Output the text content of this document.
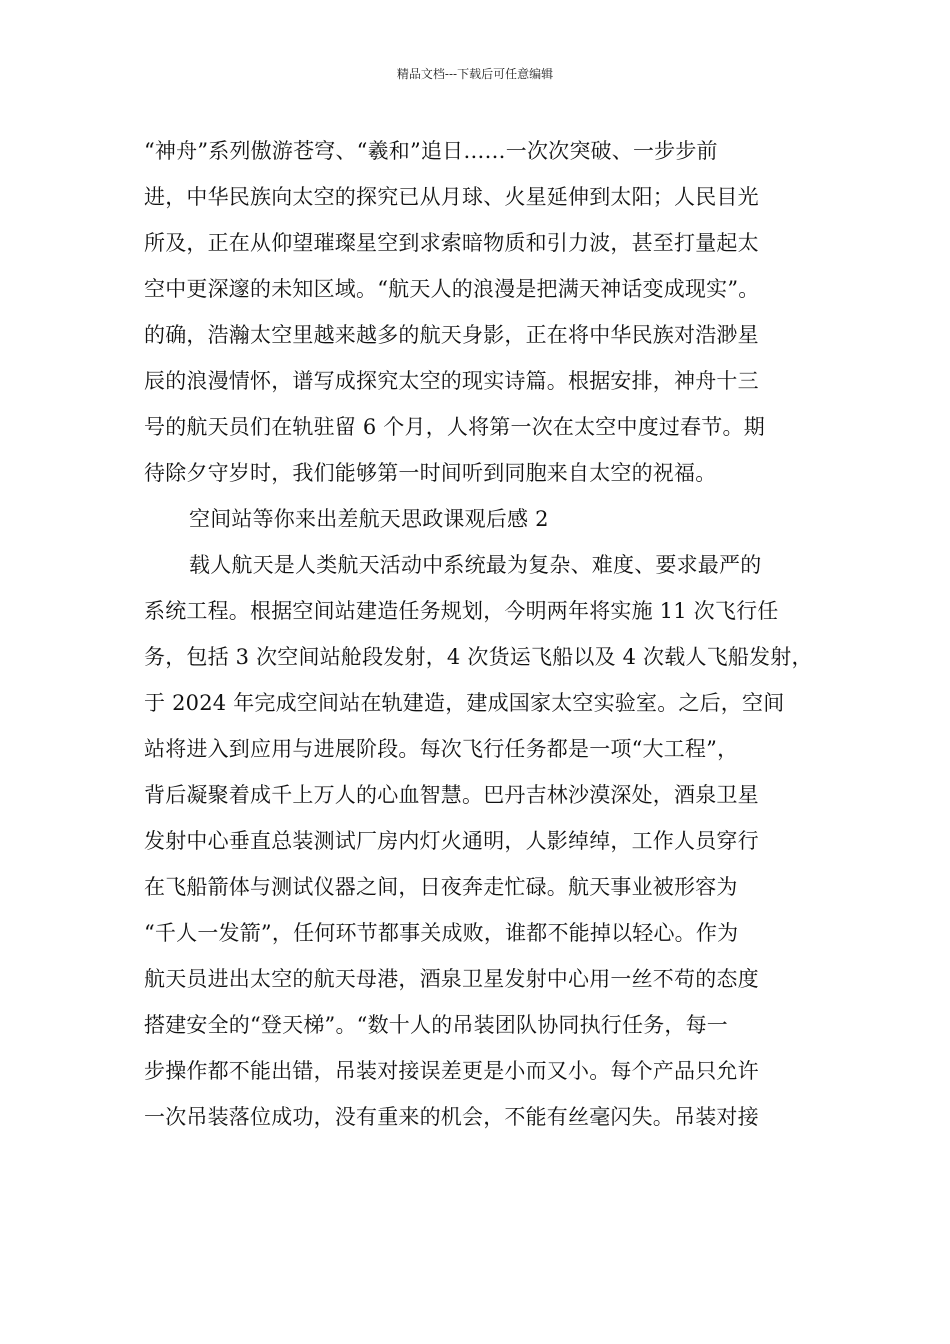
精品文档---下载后可任意编辑
“神舟”系列傲游苍穹、“羲和”追日……一次次突破、一步步前
进，中华民族向太空的探究已从月球、火星延伸到太阳；人民目光
所及，正在从仰望璀璨星空到求索暗物质和引力波，甚至打量起太
空中更深邃的未知区域。“航天人的浪漫是把满天神话变成现实”。
的确，浩瀚太空里越来越多的航天身影，正在将中华民族对浩渺星
辰的浪漫情怀，谱写成探究太空的现实诗篇。根据安排，神舟十三
号的航天员们在轨驻留 6 个月，人将第一次在太空中度过春节。期
待除夕守岁时，我们能够第一时间听到同胞来自太空的祝福。
空间站等你来出差航天思政课观后感 2
载人航天是人类航天活动中系统最为复杂、难度、要求最严的
系统工程。根据空间站建造任务规划，今明两年将实施 11 次飞行任
务，包括 3 次空间站舱段发射，4 次货运飞船以及 4 次载人飞船发射，
于 2024 年完成空间站在轨建造，建成国家太空实验室。之后，空间
站将进入到应用与进展阶段。每次飞行任务都是一项“大工程”，
背后凝聚着成千上万人的心血智慧。巴丹吉林沙漠深处，酒泉卫星
发射中心垂直总装测试厂房内灯火通明，人影绰绰，工作人员穿行
在飞船箭体与测试仪器之间，日夜奔走忙碌。航天事业被形容为
“千人一发箭”，任何环节都事关成败，谁都不能掉以轻心。作为
航天员进出太空的航天母港，酒泉卫星发射中心用一丝不苟的态度
搭建安全的“登天梯”。“数十人的吊装团队协同执行任务，每一
步操作都不能出错，吊装对接误差更是小而又小。每个产品只允许
一次吊装落位成功，没有重来的机会，不能有丝毫闪失。吊装对接
